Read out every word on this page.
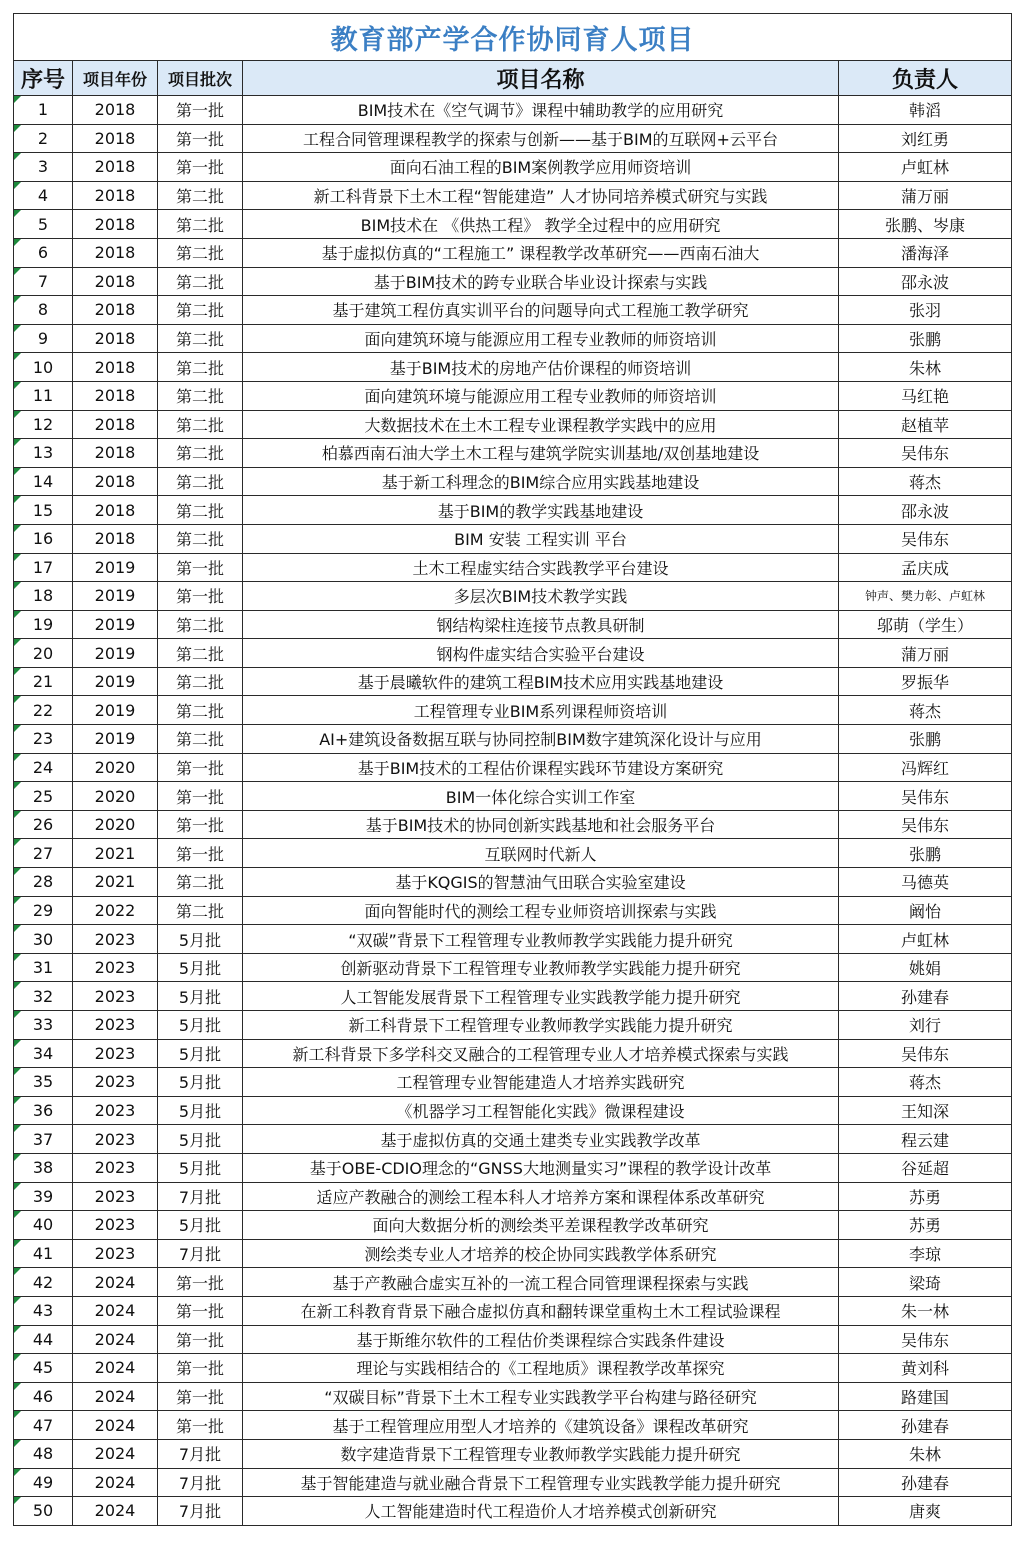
教育部产学合作协同育人项目				
序号	项目年份	项目批次	项目名称	负责人
1	2018	第一批	BIM技术在《空气调节》课程中辅助教学的应用研究	韩滔
2	2018	第一批	工程合同管理课程教学的探索与创新——基于BIM的互联网+云平台	刘红勇
3	2018	第一批	面向石油工程的BIM案例教学应用师资培训	卢虹林
4	2018	第二批	新工科背景下土木工程“智能建造” 人才协同培养模式研究与实践	蒲万丽
5	2018	第二批	BIM技术在 《供热工程》 教学全过程中的应用研究	张鹏、岑康
6	2018	第二批	基于虚拟仿真的“工程施工” 课程教学改革研究——西南石油大	潘海泽
7	2018	第二批	基于BIM技术的跨专业联合毕业设计探索与实践	邵永波
8	2018	第二批	基于建筑工程仿真实训平台的问题导向式工程施工教学研究	张羽
9	2018	第二批	面向建筑环境与能源应用工程专业教师的师资培训	张鹏
10	2018	第二批	基于BIM技术的房地产估价课程的师资培训	朱林
11	2018	第二批	面向建筑环境与能源应用工程专业教师的师资培训	马红艳
12	2018	第二批	大数据技术在土木工程专业课程教学实践中的应用	赵植苹
13	2018	第二批	柏慕西南石油大学土木工程与建筑学院实训基地/双创基地建设	吴伟东
14	2018	第二批	基于新工科理念的BIM综合应用实践基地建设	蒋杰
15	2018	第二批	基于BIM的教学实践基地建设	邵永波
16	2018	第二批	BIM 安装 工程实训 平台	吴伟东
17	2019	第一批	土木工程虚实结合实践教学平台建设	孟庆成
18	2019	第一批	多层次BIM技术教学实践	钟声、樊力彰、卢虹林
19	2019	第二批	钢结构梁柱连接节点教具研制	邬萌（学生）
20	2019	第二批	钢构件虚实结合实验平台建设	蒲万丽
21	2019	第二批	基于晨曦软件的建筑工程BIM技术应用实践基地建设	罗振华
22	2019	第二批	工程管理专业BIM系列课程师资培训	蒋杰
23	2019	第二批	AI+建筑设备数据互联与协同控制BIM数字建筑深化设计与应用	张鹏
24	2020	第一批	基于BIM技术的工程估价课程实践环节建设方案研究	冯辉红
25	2020	第一批	BIM一体化综合实训工作室	吴伟东
26	2020	第一批	基于BIM技术的协同创新实践基地和社会服务平台	吴伟东
27	2021	第一批	互联网时代新人	张鹏
28	2021	第二批	基于KQGIS的智慧油气田联合实验室建设	马德英
29	2022	第二批	面向智能时代的测绘工程专业师资培训探索与实践	阚怡
30	2023	5月批	“双碳”背景下工程管理专业教师教学实践能力提升研究	卢虹林
31	2023	5月批	创新驱动背景下工程管理专业教师教学实践能力提升研究	姚娟
32	2023	5月批	人工智能发展背景下工程管理专业实践教学能力提升研究	孙建春
33	2023	5月批	新工科背景下工程管理专业教师教学实践能力提升研究	刘行
34	2023	5月批	新工科背景下多学科交叉融合的工程管理专业人才培养模式探索与实践	吴伟东
35	2023	5月批	工程管理专业智能建造人才培养实践研究	蒋杰
36	2023	5月批	《机器学习工程智能化实践》微课程建设	王知深
37	2023	5月批	基于虚拟仿真的交通土建类专业实践教学改革	程云建
38	2023	5月批	基于OBE-CDIO理念的“GNSS大地测量实习”课程的教学设计改革	谷延超
39	2023	7月批	适应产教融合的测绘工程本科人才培养方案和课程体系改革研究	苏勇
40	2023	5月批	面向大数据分析的测绘类平差课程教学改革研究	苏勇
41	2023	7月批	测绘类专业人才培养的校企协同实践教学体系研究	李琼
42	2024	第一批	基于产教融合虚实互补的一流工程合同管理课程探索与实践	梁琦
43	2024	第一批	在新工科教育背景下融合虚拟仿真和翻转课堂重构土木工程试验课程	朱一林
44	2024	第一批	基于斯维尔软件的工程估价类课程综合实践条件建设	吴伟东
45	2024	第一批	理论与实践相结合的《工程地质》课程教学改革探究	黄刘科
46	2024	第一批	“双碳目标”背景下土木工程专业实践教学平台构建与路径研究	路建国
47	2024	第一批	基于工程管理应用型人才培养的《建筑设备》课程改革研究	孙建春
48	2024	7月批	数字建造背景下工程管理专业教师教学实践能力提升研究	朱林
49	2024	7月批	基于智能建造与就业融合背景下工程管理专业实践教学能力提升研究	孙建春
50	2024	7月批	人工智能建造时代工程造价人才培养模式创新研究	唐爽
